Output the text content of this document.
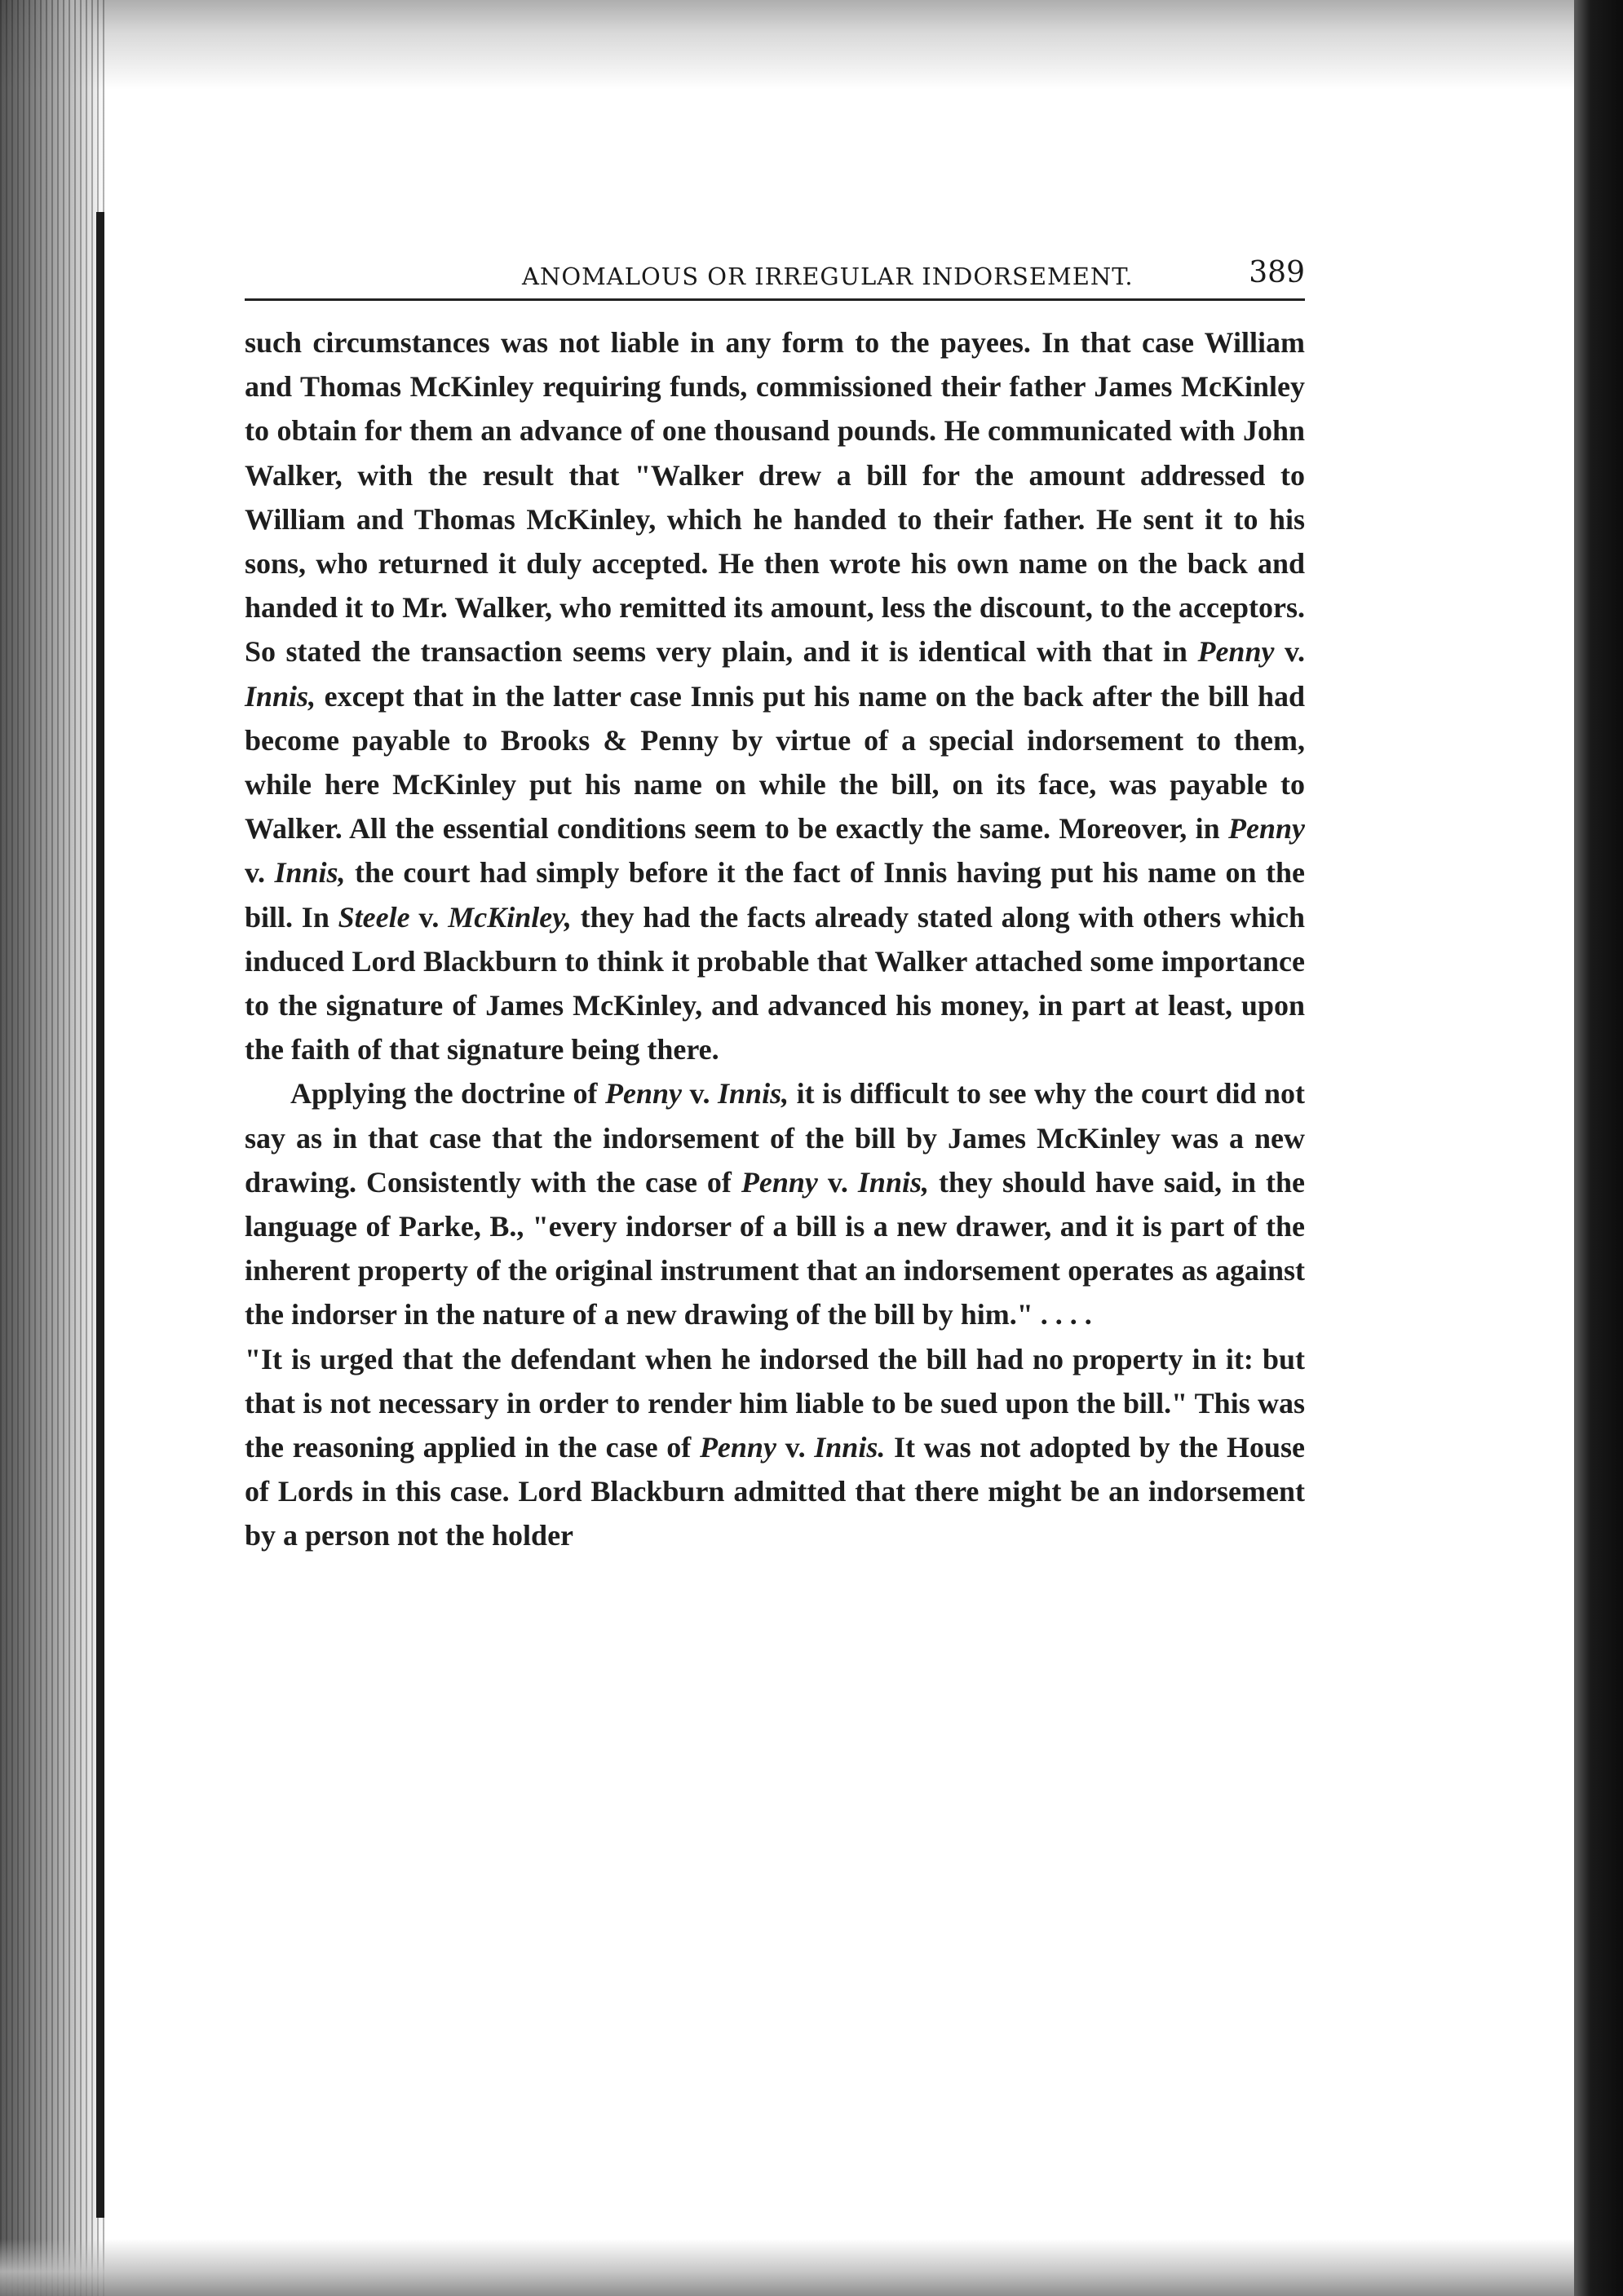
ANOMALOUS OR IRREGULAR INDORSEMENT.	389

such circumstances was not liable in any form to the payees. In that case William and Thomas McKinley requiring funds, commissioned their father James McKinley to obtain for them an advance of one thousand pounds. He communicated with John Walker, with the result that "Walker drew a bill for the amount addressed to William and Thomas McKinley, which he handed to their father. He sent it to his sons, who returned it duly accepted. He then wrote his own name on the back and handed it to Mr. Walker, who remitted its amount, less the discount, to the acceptors. So stated the transaction seems very plain, and it is identical with that in Penny v. Innis, except that in the latter case Innis put his name on the back after the bill had become payable to Brooks & Penny by virtue of a special indorsement to them, while here McKinley put his name on while the bill, on its face, was payable to Walker. All the essential conditions seem to be exactly the same. Moreover, in Penny v. Innis, the court had simply before it the fact of Innis having put his name on the bill. In Steele v. McKinley, they had the facts already stated along with others which induced Lord Blackburn to think it probable that Walker attached some importance to the signature of James McKinley, and advanced his money, in part at least, upon the faith of that signature being there.

Applying the doctrine of Penny v. Innis, it is difficult to see why the court did not say as in that case that the indorsement of the bill by James McKinley was a new drawing. Consistently with the case of Penny v. Innis, they should have said, in the language of Parke, B., "every indorser of a bill is a new drawer, and it is part of the inherent property of the original instrument that an indorsement operates as against the indorser in the nature of a new drawing of the bill by him." . . . .

"It is urged that the defendant when he indorsed the bill had no property in it: but that is not necessary in order to render him liable to be sued upon the bill." This was the reasoning applied in the case of Penny v. Innis. It was not adopted by the House of Lords in this case. Lord Blackburn admitted that there might be an indorsement by a person not the holder
